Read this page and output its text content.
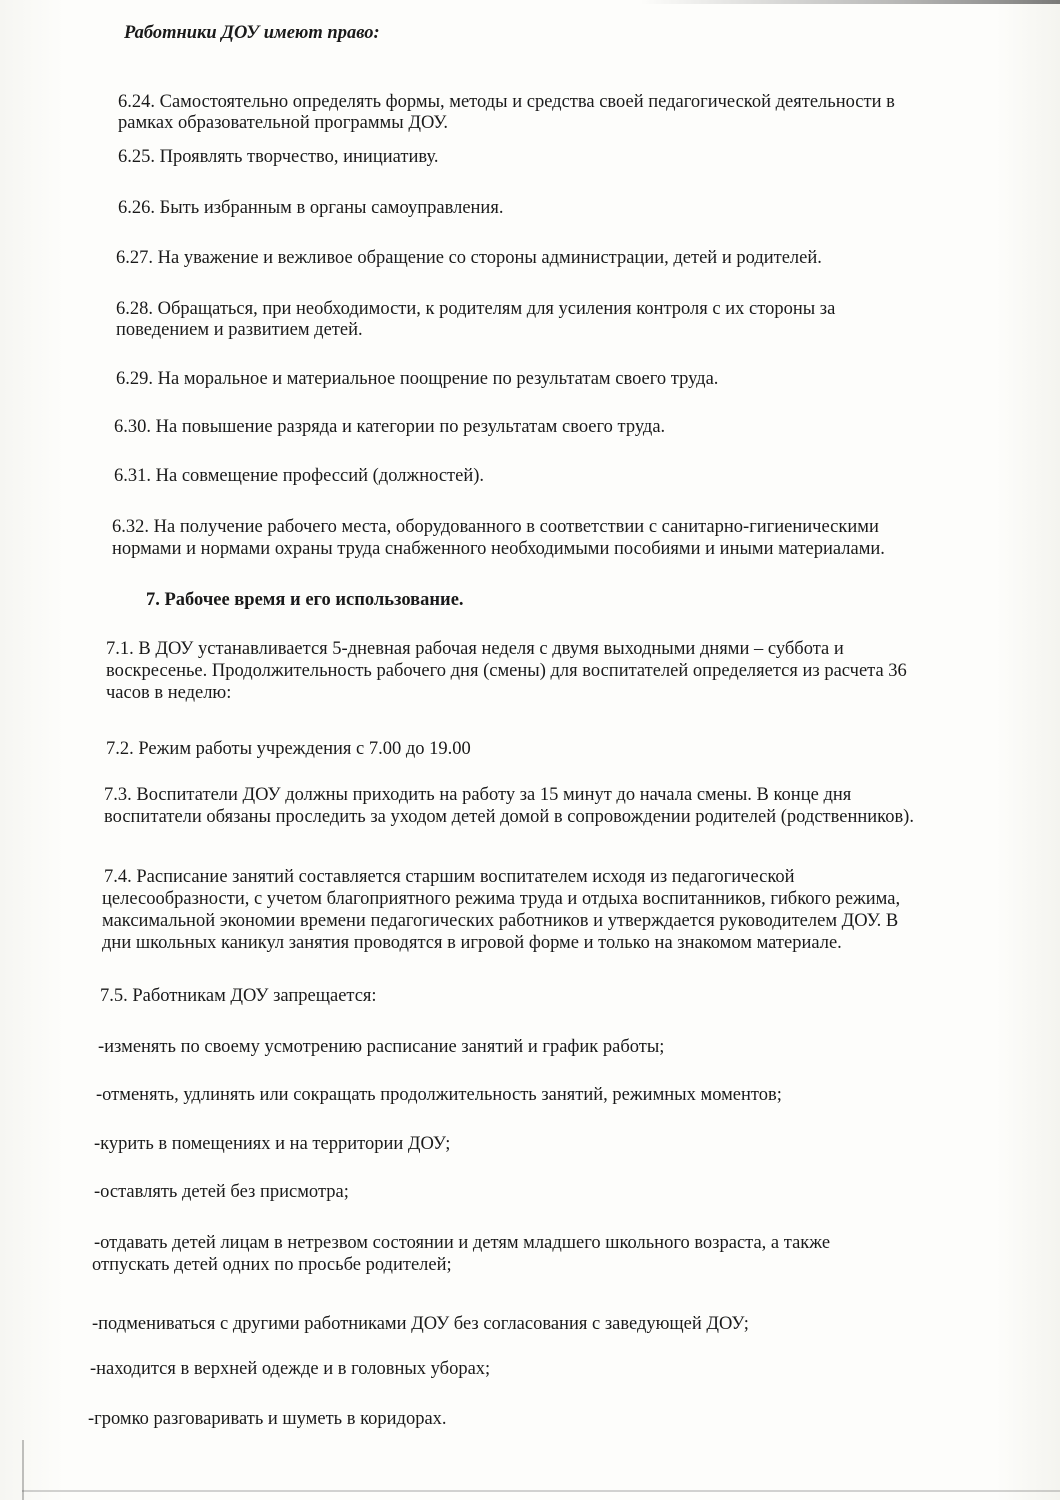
Работники ДОУ имеют право:
6.24. Самостоятельно определять формы, методы и средства своей педагогической деятельности в
рамках образовательной программы ДОУ.
6.25. Проявлять творчество, инициативу.
6.26. Быть избранным в органы самоуправления.
6.27. На уважение и вежливое обращение со стороны администрации, детей и родителей.
6.28. Обращаться, при необходимости, к родителям для усиления контроля с их стороны за
поведением и развитием детей.
6.29. На моральное и материальное поощрение по результатам своего труда.
6.30. На повышение разряда и категории по результатам своего труда.
6.31. На совмещение профессий (должностей).
6.32. На получение рабочего места, оборудованного в соответствии с санитарно-гигиеническими
нормами и нормами охраны труда снабженного необходимыми пособиями и иными материалами.
7. Рабочее время и его использование.
7.1. В ДОУ устанавливается 5-дневная рабочая неделя с двумя выходными днями – суббота и
воскресенье. Продолжительность рабочего дня (смены) для воспитателей определяется из расчета 36
часов в неделю:
7.2. Режим работы учреждения с 7.00 до 19.00
7.3. Воспитатели ДОУ должны приходить на работу за 15 минут до начала смены. В конце дня
воспитатели обязаны проследить за уходом детей домой в сопровождении родителей (родственников).
7.4. Расписание занятий составляется старшим воспитателем исходя из педагогической
целесообразности, с учетом благоприятного режима труда и отдыха воспитанников, гибкого режима,
максимальной экономии времени педагогических работников и утверждается руководителем ДОУ. В
дни школьных каникул занятия проводятся в игровой форме и только на знакомом материале.
7.5. Работникам ДОУ запрещается:
-изменять по своему усмотрению расписание занятий и график работы;
-отменять, удлинять или сокращать продолжительность занятий, режимных моментов;
-курить в помещениях и на территории ДОУ;
-оставлять детей без присмотра;
-отдавать детей лицам в нетрезвом состоянии и детям младшего школьного возраста, а также
отпускать детей одних по просьбе родителей;
-подмениваться с другими работниками ДОУ без согласования с заведующей ДОУ;
-находится в верхней одежде и в головных уборах;
-громко разговаривать и шуметь в коридорах.
